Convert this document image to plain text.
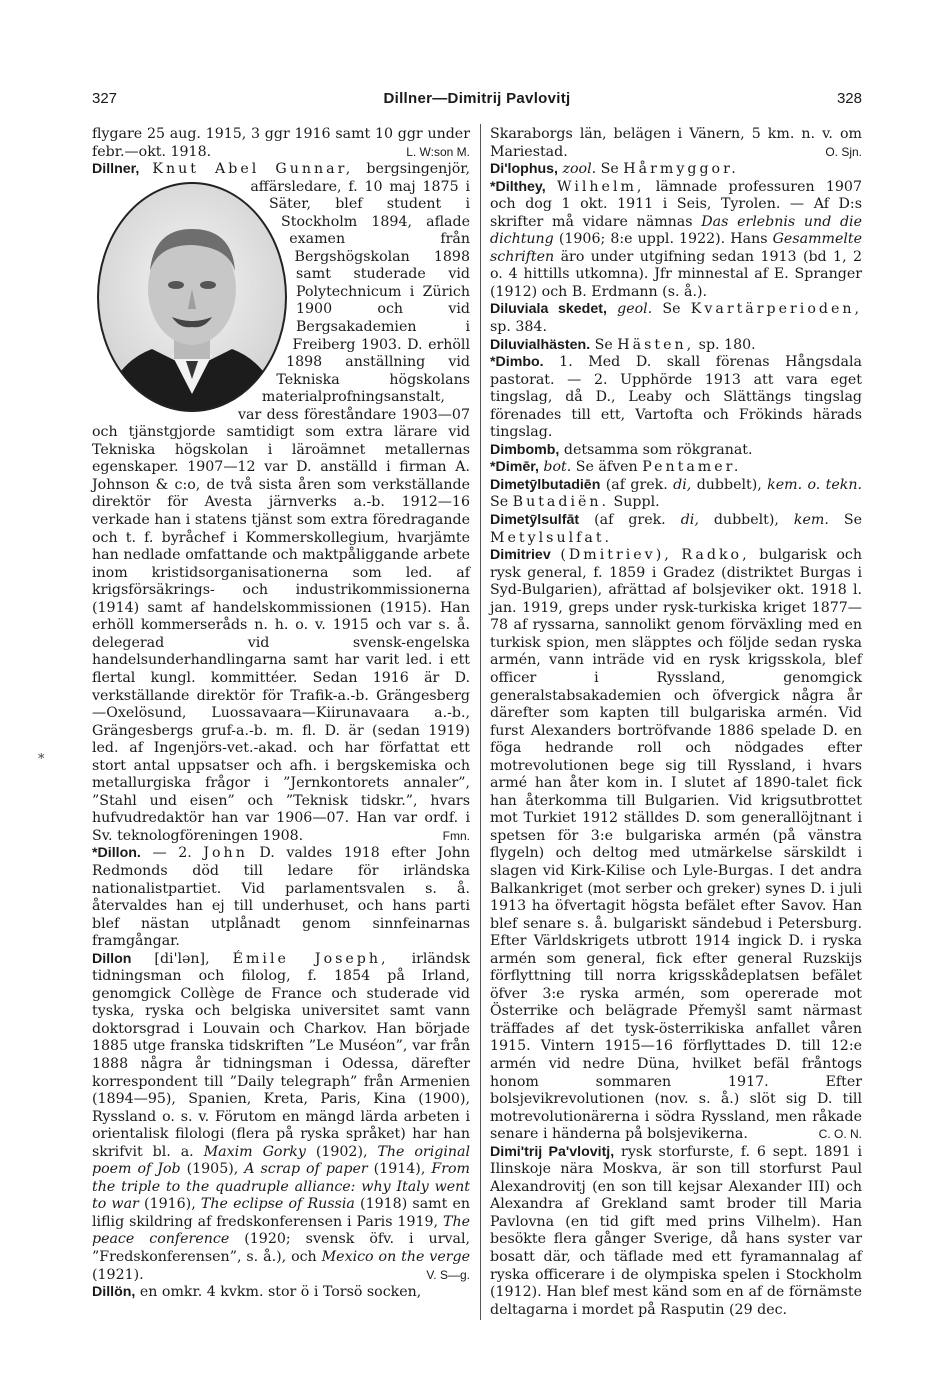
327	Dillner—Dimitrij Pavlovitj	328
*

flygare 25 aug. 1915, 3 ggr 1916 samt 10 ggr under febr.—okt. 1918.	L. W:son M.

Dillner, Knut Abel Gunnar, bergsingenjör, affärsledare, f. 10 maj 1875 i Säter, blef student i Stockholm 1894, aflade examen från Bergshögskolan 1898 samt studerade vid Polytechnicum i Zürich 1900 och vid Bergsakademien i Freiberg 1903. D. erhöll 1898 anställning vid Tekniska högskolans materialprofningsanstalt, var dess föreståndare 1903—07 och tjänstgjorde samtidigt som extra lärare vid Tekniska högskolan i läroämnet metallernas egenskaper. 1907—12 var D. anställd i firman A. Johnson & c:o, de två sista åren som verkställande direktör för Avesta järnverks a.-b. 1912—16 verkade han i statens tjänst som extra föredragande och t. f. byråchef i Kommerskollegium, hvarjämte han nedlade omfattande och maktpåliggande arbete inom kristidsorganisationerna som led. af krigsförsäkrings- och industrikommissionerna (1914) samt af handelskommissionen (1915). Han erhöll kommerseråds n. h. o. v. 1915 och var s. å. delegerad vid svensk-engelska handelsunderhandlingarna samt har varit led. i ett flertal kungl. kommittéer. Sedan 1916 är D. verkställande direktör för Trafik-a.-b. Grängesberg—Oxelösund, Luossavaara—Kiirunavaara a.-b., Grängesbergs gruf-a.-b. m. fl. D. är (sedan 1919) led. af Ingenjörs-vet.-akad. och har författat ett stort antal uppsatser och afh. i bergskemiska och metallurgiska frågor i ”Jernkontorets annaler”, ”Stahl und eisen” och ”Teknisk tidskr.”, hvars hufvudredaktör han var 1906—07. Han var ordf. i Sv. teknologföreningen 1908.	Fmn.

*Dillon. — 2. John D. valdes 1918 efter John Redmonds död till ledare för irländska nationalistpartiet. Vid parlamentsvalen s. å. återvaldes han ej till underhuset, och hans parti blef nästan utplånadt genom sinnfeinarnas framgångar.

Dillon [di'lən], Émile Joseph, irländsk tidningsman och filolog, f. 1854 på Irland, genomgick Collège de France och studerade vid tyska, ryska och belgiska universitet samt vann doktorsgrad i Louvain och Charkov. Han började 1885 utge franska tidskriften ”Le Muséon”, var från 1888 några år tidningsman i Odessa, därefter korrespondent till ”Daily telegraph” från Armenien (1894—95), Spanien, Kreta, Paris, Kina (1900), Ryssland o. s. v. Förutom en mängd lärda arbeten i orientalisk filologi (flera på ryska språket) har han skrifvit bl. a. Maxim Gorky (1902), The original poem of Job (1905), A scrap of paper (1914), From the triple to the quadruple alliance: why Italy went to war (1916), The eclipse of Russia (1918) samt en liflig skildring af fredskonferensen i Paris 1919, The peace conference (1920; svensk öfv. i urval, ”Fredskonferensen”, s. å.), och Mexico on the verge (1921).	V. S—g.

Dillön, en omkr. 4 kvkm. stor ö i Torsö socken,

Skaraborgs län, belägen i Vänern, 5 km. n. v. om Mariestad.	O. Sjn.

Di'lophus, zool. Se Hårmyggor.

*Dilthey, Wilhelm, lämnade professuren 1907 och dog 1 okt. 1911 i Seis, Tyrolen. — Af D:s skrifter må vidare nämnas Das erlebnis und die dichtung (1906; 8:e uppl. 1922). Hans Gesammelte schriften äro under utgifning sedan 1913 (bd 1, 2 o. 4 hittills utkomna). Jfr minnestal af E. Spranger (1912) och B. Erdmann (s. å.).

Diluviala skedet, geol. Se Kvartärperioden, sp. 384.

Diluvialhästen. Se Hästen, sp. 180.

*Dimbo. 1. Med D. skall förenas Hångsdala pastorat. — 2. Upphörde 1913 att vara eget tingslag, då D., Leaby och Slättängs tingslag förenades till ett, Vartofta och Frökinds härads tingslag.

Dimbomb, detsamma som rökgranat.

*Dimēr, bot. Se äfven Pentamer.

Dimetȳlbutadiēn (af grek. di, dubbelt), kem. o. tekn. Se Butadiën. Suppl.

Dimetȳlsulfāt (af grek. di, dubbelt), kem. Se Metylsulfat.

Dimitriev (Dmitriev), Radko, bulgarisk och rysk general, f. 1859 i Gradez (distriktet Burgas i Syd-Bulgarien), afrättad af bolsjeviker okt. 1918 l. jan. 1919, greps under rysk-turkiska kriget 1877—78 af ryssarna, sannolikt genom förväxling med en turkisk spion, men släpptes och följde sedan ryska armén, vann inträde vid en rysk krigsskola, blef officer i Ryssland, genomgick generalstabsakademien och öfvergick några år därefter som kapten till bulgariska armén. Vid furst Alexanders bortröfvande 1886 spelade D. en föga hedrande roll och nödgades efter motrevolutionen bege sig till Ryssland, i hvars armé han åter kom in. I slutet af 1890-talet fick han återkomma till Bulgarien. Vid krigsutbrottet mot Turkiet 1912 ställdes D. som generallöjtnant i spetsen för 3:e bulgariska armén (på vänstra flygeln) och deltog med utmärkelse särskildt i slagen vid Kirk-Kilise och Lyle-Burgas. I det andra Balkankriget (mot serber och greker) synes D. i juli 1913 ha öfvertagit högsta befälet efter Savov. Han blef senare s. å. bulgariskt sändebud i Petersburg. Efter Världskrigets utbrott 1914 ingick D. i ryska armén som general, fick efter general Ruzskijs förflyttning till norra krigsskådeplatsen befälet öfver 3:e ryska armén, som opererade mot Österrike och belägrade Přemyšl samt närmast träffades af det tysk-österrikiska anfallet våren 1915. Vintern 1915—16 förflyttades D. till 12:e armén vid nedre Düna, hvilket befäl fråntogs honom sommaren 1917. Efter bolsjevikrevolutionen (nov. s. å.) slöt sig D. till motrevolutionärerna i södra Ryssland, men råkade senare i händerna på bolsjevikerna.	C. O. N.

Dimi'trij Pa'vlovitj, rysk storfurste, f. 6 sept. 1891 i Ilinskoje nära Moskva, är son till storfurst Paul Alexandrovitj (en son till kejsar Alexander III) och Alexandra af Grekland samt broder till Maria Pavlovna (en tid gift med prins Vilhelm). Han besökte flera gånger Sverige, då hans syster var bosatt där, och täflade med ett fyramannalag af ryska officerare i de olympiska spelen i Stockholm (1912). Han blef mest känd som en af de förnämste deltagarna i mordet på Rasputin (29 dec.
